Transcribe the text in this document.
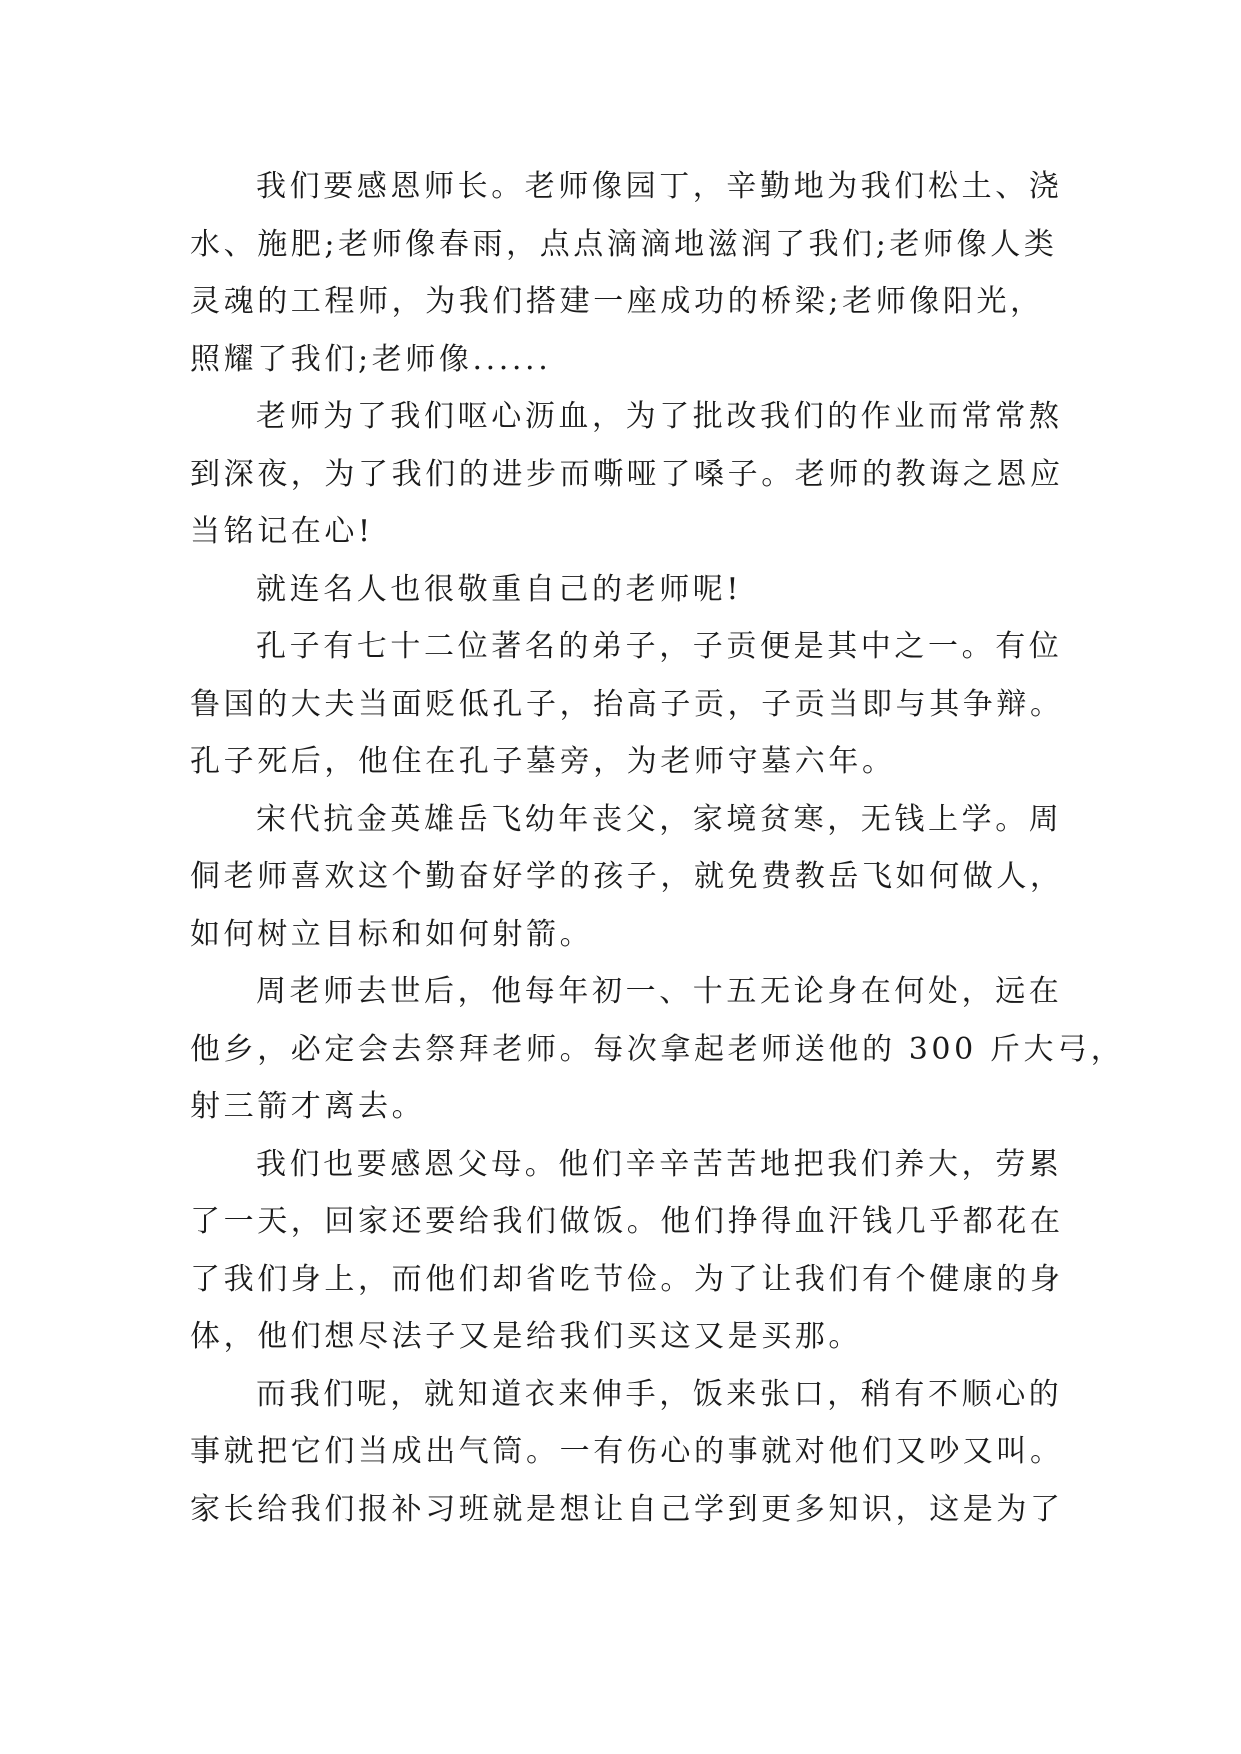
我们要感恩师长。老师像园丁，辛勤地为我们松土、浇
水、施肥;老师像春雨，点点滴滴地滋润了我们;老师像人类
灵魂的工程师，为我们搭建一座成功的桥梁;老师像阳光，
照耀了我们;老师像......
老师为了我们呕心沥血，为了批改我们的作业而常常熬
到深夜，为了我们的进步而嘶哑了嗓子。老师的教诲之恩应
当铭记在心!
就连名人也很敬重自己的老师呢!
孔子有七十二位著名的弟子，子贡便是其中之一。有位
鲁国的大夫当面贬低孔子，抬高子贡，子贡当即与其争辩。
孔子死后，他住在孔子墓旁，为老师守墓六年。
宋代抗金英雄岳飞幼年丧父，家境贫寒，无钱上学。周
侗老师喜欢这个勤奋好学的孩子，就免费教岳飞如何做人，
如何树立目标和如何射箭。
周老师去世后，他每年初一、十五无论身在何处，远在
他乡，必定会去祭拜老师。每次拿起老师送他的 300 斤大弓，
射三箭才离去。
我们也要感恩父母。他们辛辛苦苦地把我们养大，劳累
了一天，回家还要给我们做饭。他们挣得血汗钱几乎都花在
了我们身上，而他们却省吃节俭。为了让我们有个健康的身
体，他们想尽法子又是给我们买这又是买那。
而我们呢，就知道衣来伸手，饭来张口，稍有不顺心的
事就把它们当成出气筒。一有伤心的事就对他们又吵又叫。
家长给我们报补习班就是想让自己学到更多知识，这是为了
